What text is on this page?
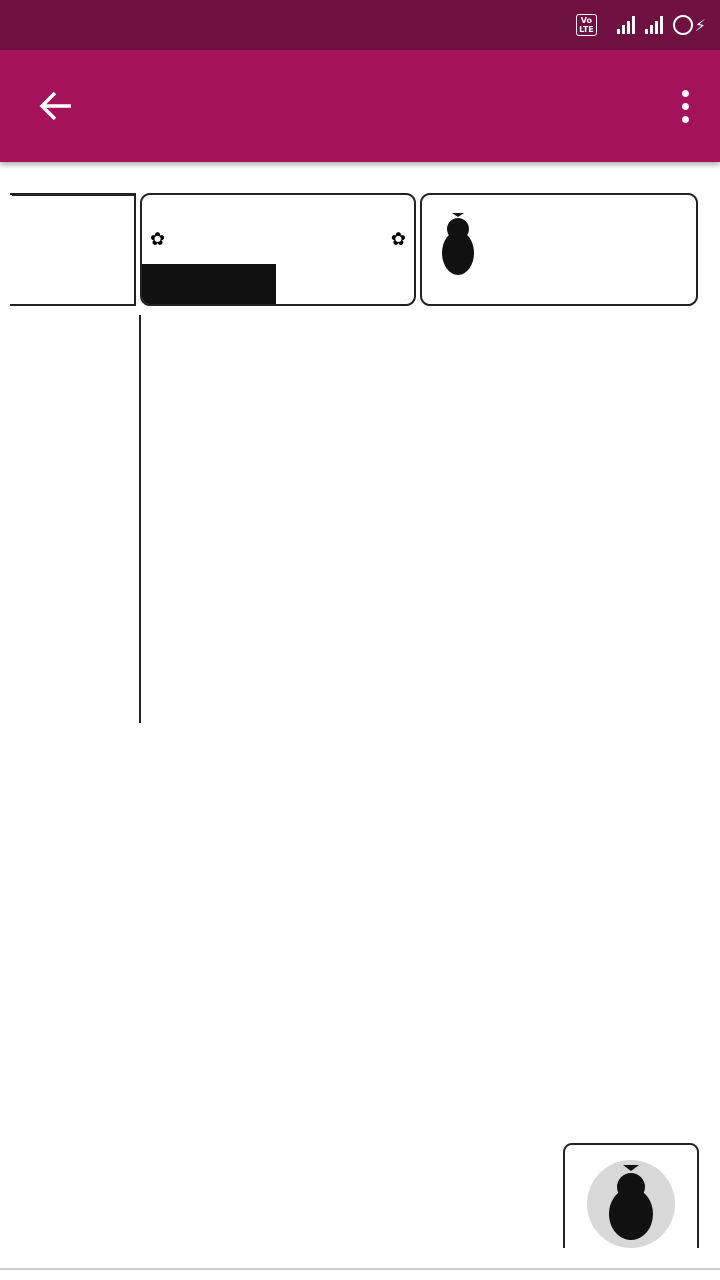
Vo
LTE	⚡
✿	✿
